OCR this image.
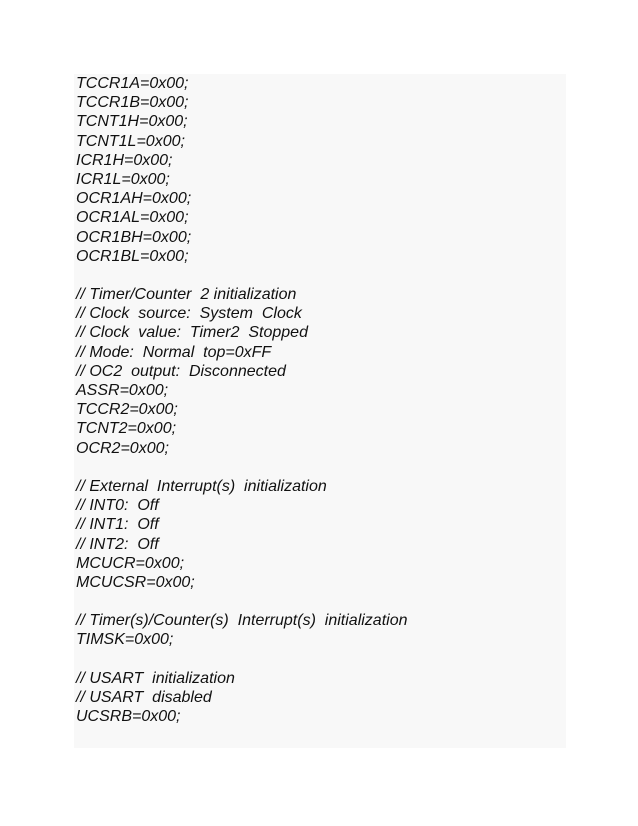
TCCR1A=0x00;
TCCR1B=0x00;
TCNT1H=0x00;
TCNT1L=0x00;
ICR1H=0x00;
ICR1L=0x00;
OCR1AH=0x00;
OCR1AL=0x00;
OCR1BH=0x00;
OCR1BL=0x00;
// Timer/Counter  2 initialization
// Clock  source:  System  Clock
// Clock  value:  Timer2  Stopped
// Mode:  Normal  top=0xFF
// OC2  output:  Disconnected
ASSR=0x00;
TCCR2=0x00;
TCNT2=0x00;
OCR2=0x00;
// External  Interrupt(s)  initialization
// INT0:  Off
// INT1:  Off
// INT2:  Off
MCUCR=0x00;
MCUCSR=0x00;
// Timer(s)/Counter(s)  Interrupt(s)  initialization
TIMSK=0x00;
// USART  initialization
// USART  disabled
UCSRB=0x00;
